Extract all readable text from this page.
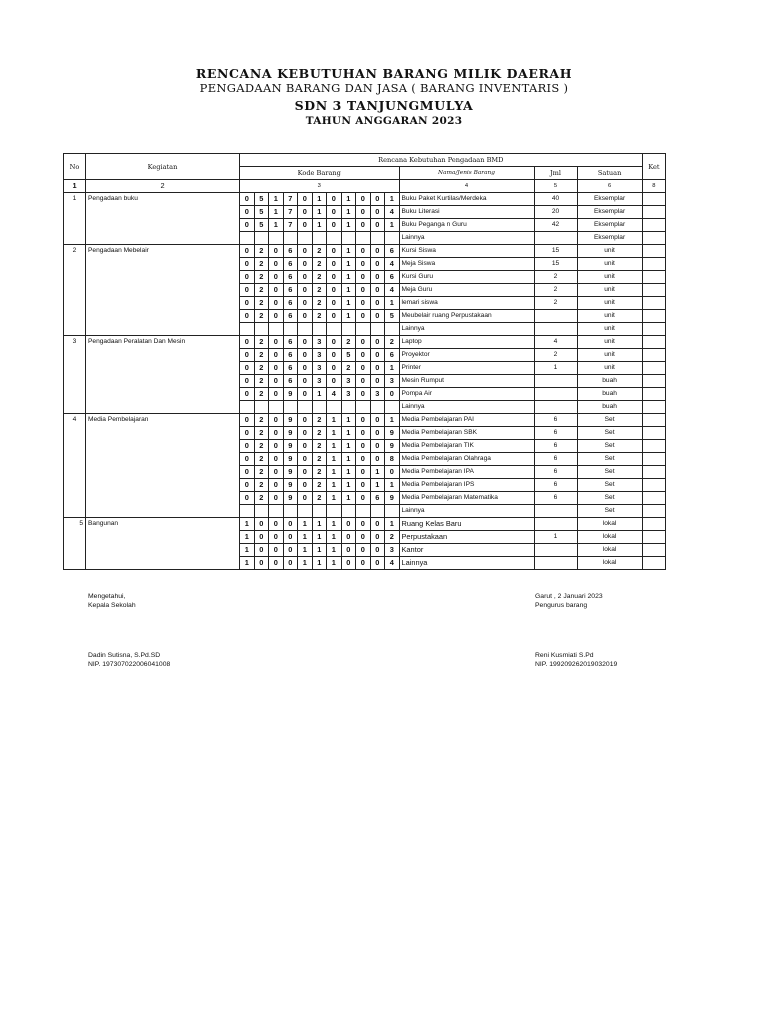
RENCANA KEBUTUHAN BARANG MILIK DAERAH
PENGADAAN BARANG DAN JASA ( BARANG INVENTARIS )
SDN 3 TANJUNGMULYA
TAHUN ANGGARAN 2023
No	Kegiatan	Rencana Kebutuhan Pengadaan BMD														Ket
		Kode Barang											Nama/Jenis Barang	Jml	Satuan	
1	2	3											4	5	6	8
1	Pengadaan buku	0	5	1	7	0	1	0	1	0	0	1	Buku Paket Kurtilas/Merdeka	40	Eksemplar	
		0	5	1	7	0	1	0	1	0	0	4	Buku Literasi	20	Eksemplar	
		0	5	1	7	0	1	0	1	0	0	1	Buku Peganga n Guru	42	Eksemplar	
													Lainnya		Eksemplar	
2	Pengadaan Mebelair	0	2	0	6	0	2	0	1	0	0	6	Kursi Siswa	15	unit	
		0	2	0	6	0	2	0	1	0	0	4	Meja Siswa	15	unit	
		0	2	0	6	0	2	0	1	0	0	6	Kursi Guru	2	unit	
		0	2	0	6	0	2	0	1	0	0	4	Meja Guru	2	unit	
		0	2	0	6	0	2	0	1	0	0	1	lemari siswa	2	unit	
		0	2	0	6	0	2	0	1	0	0	5	Meubelair ruang Perpustakaan		unit	
													Lainnya		unit	
3	Pengadaan Peralatan Dan Mesin	0	2	0	6	0	3	0	2	0	0	2	Laptop	4	unit	
		0	2	0	6	0	3	0	5	0	0	6	Proyektor	2	unit	
		0	2	0	6	0	3	0	2	0	0	1	Printer	1	unit	
		0	2	0	6	0	3	0	3	0	0	3	Mesin Rumput		buah	
		0	2	0	9	0	1	4	3	0	3	0	Pompa Air		buah	
													Lainnya		buah	
4	Media Pembelajaran	0	2	0	9	0	2	1	1	0	0	1	Media Pembelajaran PAI	6	Set	
		0	2	0	9	0	2	1	1	0	0	9	Media Pembelajaran SBK	6	Set	
		0	2	0	9	0	2	1	1	0	0	9	Media Pembelajaran TIK	6	Set	
		0	2	0	9	0	2	1	1	0	0	8	Media Pembelajaran Olahraga	6	Set	
		0	2	0	9	0	2	1	1	0	1	0	Media Pembelajaran IPA	6	Set	
		0	2	0	9	0	2	1	1	0	1	1	Media Pembelajaran IPS	6	Set	
		0	2	0	9	0	2	1	1	0	6	9	Media Pembelajaran Matematika	6	Set	
													Lainnya		Set	
5	Bangunan	1	0	0	0	1	1	1	0	0	0	1	Ruang Kelas Baru		lokal	
		1	0	0	0	1	1	1	0	0	0	2	Perpustakaan	1	lokal	
		1	0	0	0	1	1	1	0	0	0	3	Kantor		lokal	
		1	0	0	0	1	1	1	0	0	0	4	Lainnya		lokal	
Mengetahui,
Kepala Sekolah
Dadin Sutisna, S.Pd.SD
NIP. 197307022006041008
Garut , 2 Januari 2023
Pengurus barang
Reni Kusmiati S.Pd
NIP. 199209262019032019
